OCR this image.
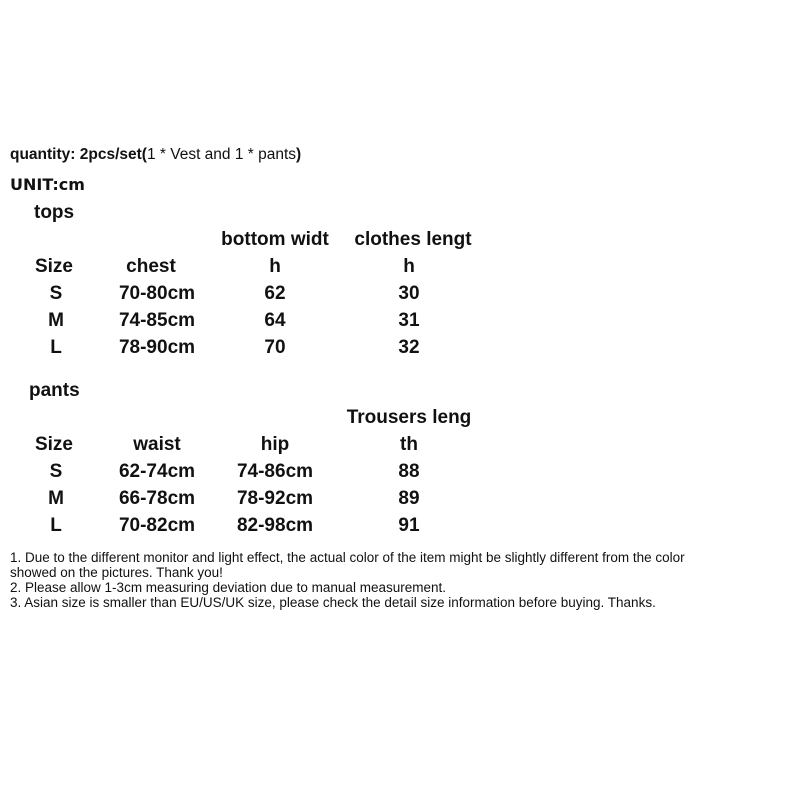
quantity: 2pcs/set(1 * Vest and 1 * pants)
UNIT:cm
tops
bottom widt clothes lengt
Size	chest	h	h
S	70-80cm	62	30
M	74-85cm	64	31
L	78-90cm	70	32
pants
Trousers leng
Size	waist	hip	th
S	62-74cm 74-86cm	88
M	66-78cm 78-92cm	89
L	70-82cm 82-98cm	91
1. Due to the different monitor and light effect, the actual color of the item might be slightly different from the color
showed on the pictures. Thank you!
2. Please allow 1-3cm measuring deviation due to manual measurement.
3. Asian size is smaller than EU/US/UK size, please check the detail size information before buying. Thanks.
